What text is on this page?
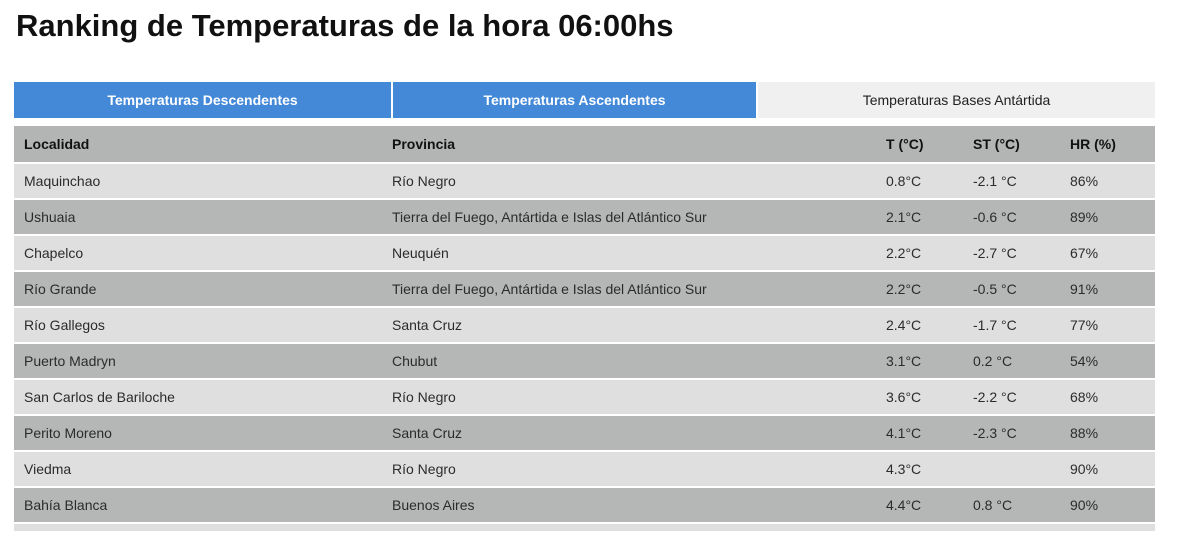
Ranking de Temperaturas de la hora 06:00hs
Temperaturas Descendentes	Temperaturas Ascendentes	Temperaturas Bases Antártida
Localidad	Provincia	T (°C)	ST (°C)	HR (%)
Maquinchao	Río Negro	0.8°C	-2.1 °C	86%
Ushuaia	Tierra del Fuego, Antártida e Islas del Atlántico Sur	2.1°C	-0.6 °C	89%
Chapelco	Neuquén	2.2°C	-2.7 °C	67%
Río Grande	Tierra del Fuego, Antártida e Islas del Atlántico Sur	2.2°C	-0.5 °C	91%
Río Gallegos	Santa Cruz	2.4°C	-1.7 °C	77%
Puerto Madryn	Chubut	3.1°C	0.2 °C	54%
San Carlos de Bariloche	Río Negro	3.6°C	-2.2 °C	68%
Perito Moreno	Santa Cruz	4.1°C	-2.3 °C	88%
Viedma	Río Negro	4.3°C		90%
Bahía Blanca	Buenos Aires	4.4°C	0.8 °C	90%
